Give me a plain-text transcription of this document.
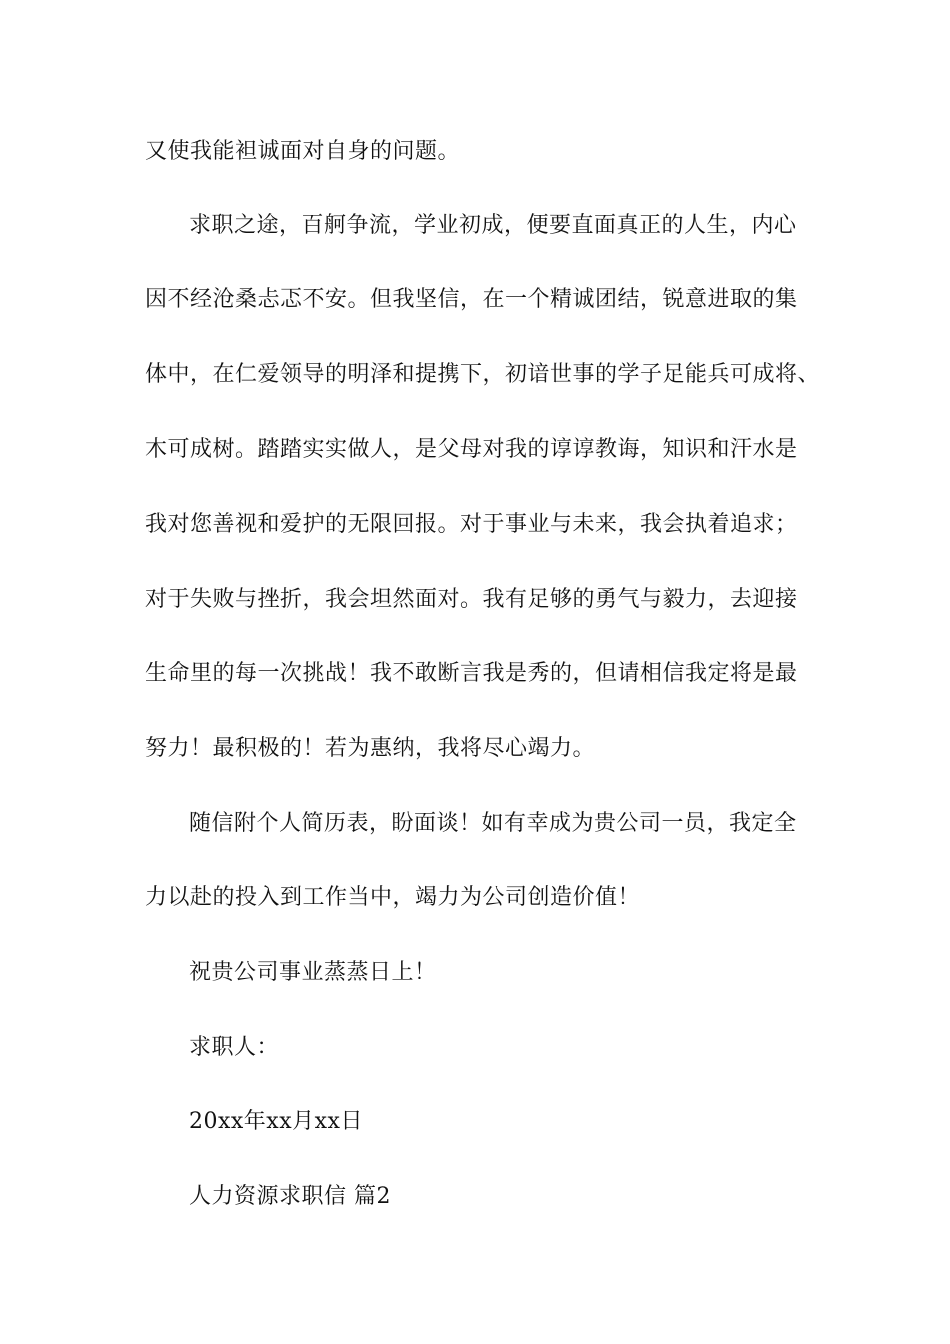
又使我能袒诚面对自身的问题。
求职之途，百舸争流，学业初成，便要直面真正的人生，内心
因不经沧桑忐忑不安。但我坚信，在一个精诚团结，锐意进取的集
体中，在仁爱领导的明泽和提携下，初谙世事的学子足能兵可成将、
木可成树。踏踏实实做人，是父母对我的谆谆教诲，知识和汗水是
我对您善视和爱护的无限回报。对于事业与未来，我会执着追求；
对于失败与挫折，我会坦然面对。我有足够的勇气与毅力，去迎接
生命里的每一次挑战！我不敢断言我是秀的，但请相信我定将是最
努力！最积极的！若为惠纳，我将尽心竭力。
随信附个人简历表，盼面谈！如有幸成为贵公司一员，我定全
力以赴的投入到工作当中，竭力为公司创造价值！
祝贵公司事业蒸蒸日上！
求职人：
20xx年xx月xx日
人力资源求职信 篇2
